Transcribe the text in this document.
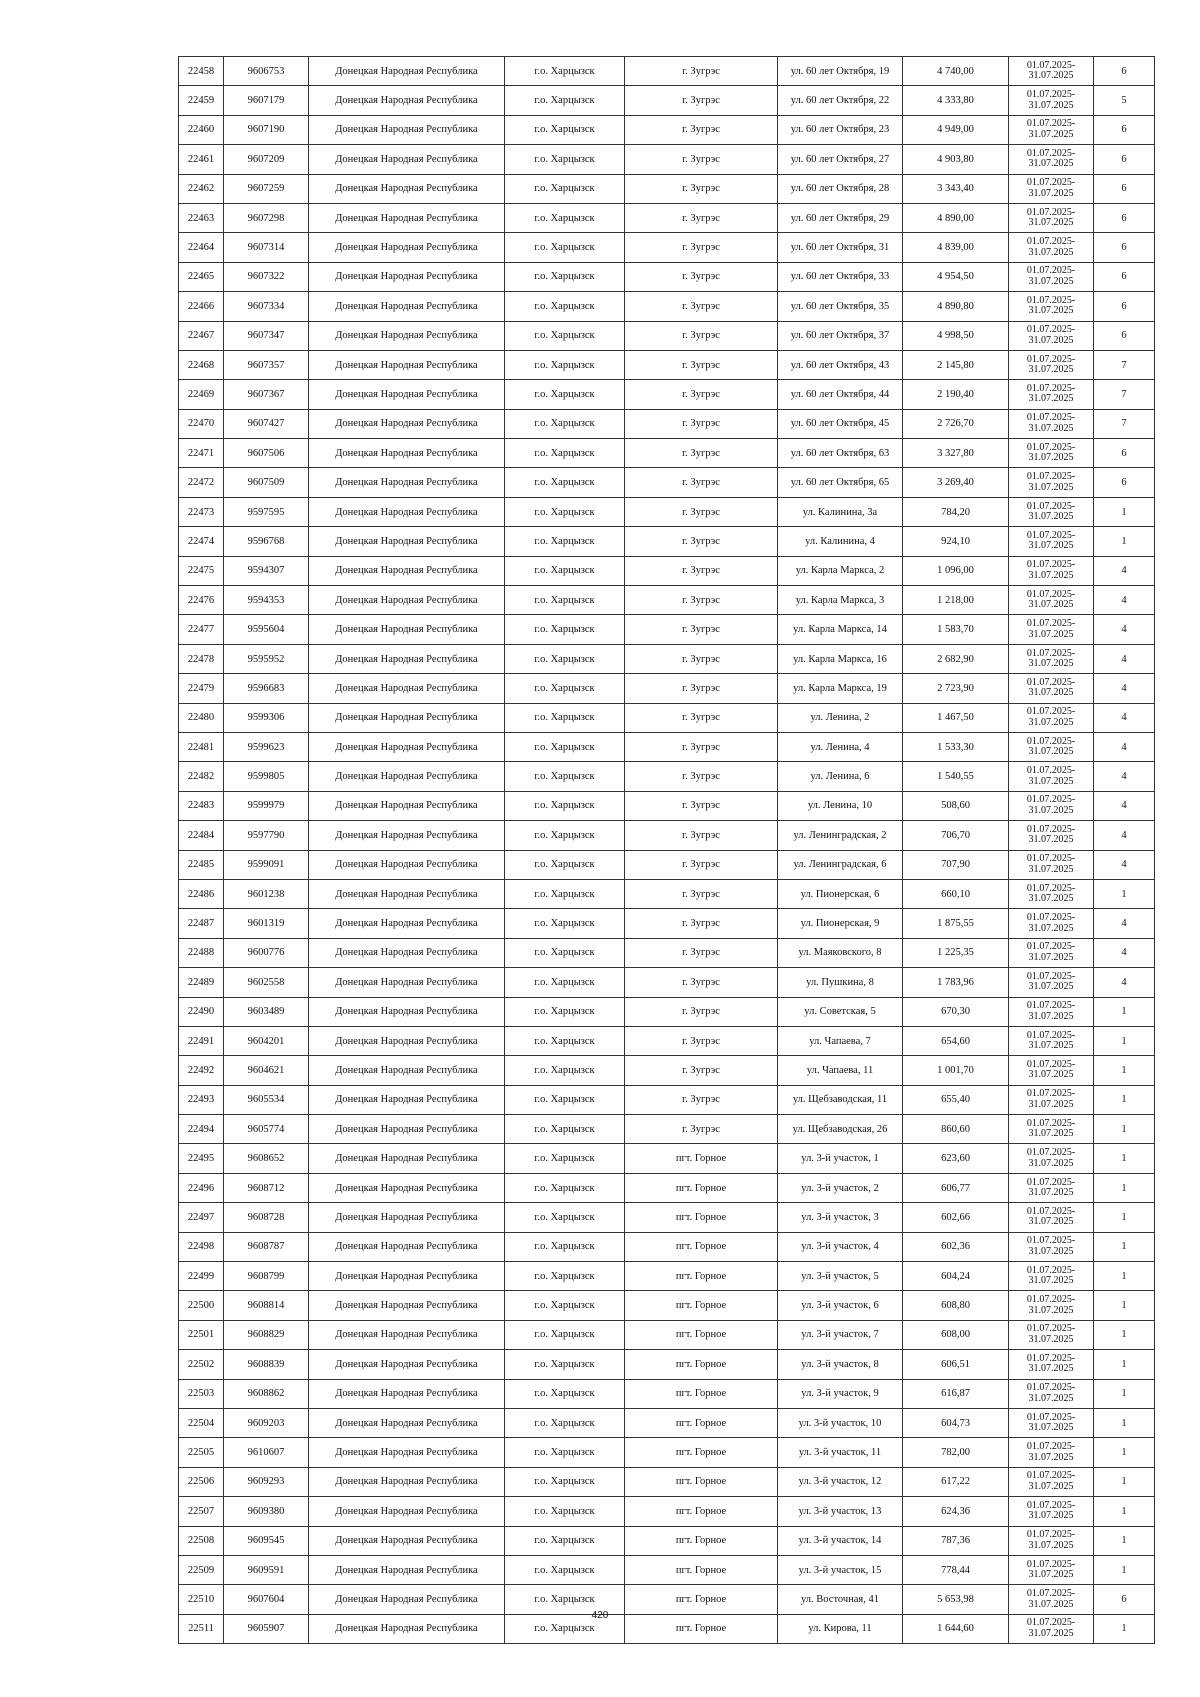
22458	9606753	Донецкая Народная Республика	г.о. Харцызск	г. Зугрэс	ул. 60 лет Октября, 19	4 740,00	01.07.2025- 31.07.2025	6
22459	9607179	Донецкая Народная Республика	г.о. Харцызск	г. Зугрэс	ул. 60 лет Октября, 22	4 333,80	01.07.2025- 31.07.2025	5
22460	9607190	Донецкая Народная Республика	г.о. Харцызск	г. Зугрэс	ул. 60 лет Октября, 23	4 949,00	01.07.2025- 31.07.2025	6
22461	9607209	Донецкая Народная Республика	г.о. Харцызск	г. Зугрэс	ул. 60 лет Октября, 27	4 903,80	01.07.2025- 31.07.2025	6
22462	9607259	Донецкая Народная Республика	г.о. Харцызск	г. Зугрэс	ул. 60 лет Октября, 28	3 343,40	01.07.2025- 31.07.2025	6
22463	9607298	Донецкая Народная Республика	г.о. Харцызск	г. Зугрэс	ул. 60 лет Октября, 29	4 890,00	01.07.2025- 31.07.2025	6
22464	9607314	Донецкая Народная Республика	г.о. Харцызск	г. Зугрэс	ул. 60 лет Октября, 31	4 839,00	01.07.2025- 31.07.2025	6
22465	9607322	Донецкая Народная Республика	г.о. Харцызск	г. Зугрэс	ул. 60 лет Октября, 33	4 954,50	01.07.2025- 31.07.2025	6
22466	9607334	Донецкая Народная Республика	г.о. Харцызск	г. Зугрэс	ул. 60 лет Октября, 35	4 890,80	01.07.2025- 31.07.2025	6
22467	9607347	Донецкая Народная Республика	г.о. Харцызск	г. Зугрэс	ул. 60 лет Октября, 37	4 998,50	01.07.2025- 31.07.2025	6
22468	9607357	Донецкая Народная Республика	г.о. Харцызск	г. Зугрэс	ул. 60 лет Октября, 43	2 145,80	01.07.2025- 31.07.2025	7
22469	9607367	Донецкая Народная Республика	г.о. Харцызск	г. Зугрэс	ул. 60 лет Октября, 44	2 190,40	01.07.2025- 31.07.2025	7
22470	9607427	Донецкая Народная Республика	г.о. Харцызск	г. Зугрэс	ул. 60 лет Октября, 45	2 726,70	01.07.2025- 31.07.2025	7
22471	9607506	Донецкая Народная Республика	г.о. Харцызск	г. Зугрэс	ул. 60 лет Октября, 63	3 327,80	01.07.2025- 31.07.2025	6
22472	9607509	Донецкая Народная Республика	г.о. Харцызск	г. Зугрэс	ул. 60 лет Октября, 65	3 269,40	01.07.2025- 31.07.2025	6
22473	9597595	Донецкая Народная Республика	г.о. Харцызск	г. Зугрэс	ул. Калинина, 3а	784,20	01.07.2025- 31.07.2025	1
22474	9596768	Донецкая Народная Республика	г.о. Харцызск	г. Зугрэс	ул. Калинина, 4	924,10	01.07.2025- 31.07.2025	1
22475	9594307	Донецкая Народная Республика	г.о. Харцызск	г. Зугрэс	ул. Карла Маркса, 2	1 096,00	01.07.2025- 31.07.2025	4
22476	9594353	Донецкая Народная Республика	г.о. Харцызск	г. Зугрэс	ул. Карла Маркса, 3	1 218,00	01.07.2025- 31.07.2025	4
22477	9595604	Донецкая Народная Республика	г.о. Харцызск	г. Зугрэс	ул. Карла Маркса, 14	1 583,70	01.07.2025- 31.07.2025	4
22478	9595952	Донецкая Народная Республика	г.о. Харцызск	г. Зугрэс	ул. Карла Маркса, 16	2 682,90	01.07.2025- 31.07.2025	4
22479	9596683	Донецкая Народная Республика	г.о. Харцызск	г. Зугрэс	ул. Карла Маркса, 19	2 723,90	01.07.2025- 31.07.2025	4
22480	9599306	Донецкая Народная Республика	г.о. Харцызск	г. Зугрэс	ул. Ленина, 2	1 467,50	01.07.2025- 31.07.2025	4
22481	9599623	Донецкая Народная Республика	г.о. Харцызск	г. Зугрэс	ул. Ленина, 4	1 533,30	01.07.2025- 31.07.2025	4
22482	9599805	Донецкая Народная Республика	г.о. Харцызск	г. Зугрэс	ул. Ленина, 6	1 540,55	01.07.2025- 31.07.2025	4
22483	9599979	Донецкая Народная Республика	г.о. Харцызск	г. Зугрэс	ул. Ленина, 10	508,60	01.07.2025- 31.07.2025	4
22484	9597790	Донецкая Народная Республика	г.о. Харцызск	г. Зугрэс	ул. Ленинградская, 2	706,70	01.07.2025- 31.07.2025	4
22485	9599091	Донецкая Народная Республика	г.о. Харцызск	г. Зугрэс	ул. Ленинградская, 6	707,90	01.07.2025- 31.07.2025	4
22486	9601238	Донецкая Народная Республика	г.о. Харцызск	г. Зугрэс	ул. Пионерская, 6	660,10	01.07.2025- 31.07.2025	1
22487	9601319	Донецкая Народная Республика	г.о. Харцызск	г. Зугрэс	ул. Пионерская, 9	1 875,55	01.07.2025- 31.07.2025	4
22488	9600776	Донецкая Народная Республика	г.о. Харцызск	г. Зугрэс	ул. Маяковского, 8	1 225,35	01.07.2025- 31.07.2025	4
22489	9602558	Донецкая Народная Республика	г.о. Харцызск	г. Зугрэс	ул. Пушкина, 8	1 783,96	01.07.2025- 31.07.2025	4
22490	9603489	Донецкая Народная Республика	г.о. Харцызск	г. Зугрэс	ул. Советская, 5	670,30	01.07.2025- 31.07.2025	1
22491	9604201	Донецкая Народная Республика	г.о. Харцызск	г. Зугрэс	ул. Чапаева, 7	654,60	01.07.2025- 31.07.2025	1
22492	9604621	Донецкая Народная Республика	г.о. Харцызск	г. Зугрэс	ул. Чапаева, 11	1 001,70	01.07.2025- 31.07.2025	1
22493	9605534	Донецкая Народная Республика	г.о. Харцызск	г. Зугрэс	ул. Щебзаводская, 11	655,40	01.07.2025- 31.07.2025	1
22494	9605774	Донецкая Народная Республика	г.о. Харцызск	г. Зугрэс	ул. Щебзаводская, 26	860,60	01.07.2025- 31.07.2025	1
22495	9608652	Донецкая Народная Республика	г.о. Харцызск	пгт. Горное	ул. 3-й участок, 1	623,60	01.07.2025- 31.07.2025	1
22496	9608712	Донецкая Народная Республика	г.о. Харцызск	пгт. Горное	ул. 3-й участок, 2	606,77	01.07.2025- 31.07.2025	1
22497	9608728	Донецкая Народная Республика	г.о. Харцызск	пгт. Горное	ул. 3-й участок, 3	602,66	01.07.2025- 31.07.2025	1
22498	9608787	Донецкая Народная Республика	г.о. Харцызск	пгт. Горное	ул. 3-й участок, 4	602,36	01.07.2025- 31.07.2025	1
22499	9608799	Донецкая Народная Республика	г.о. Харцызск	пгт. Горное	ул. 3-й участок, 5	604,24	01.07.2025- 31.07.2025	1
22500	9608814	Донецкая Народная Республика	г.о. Харцызск	пгт. Горное	ул. 3-й участок, 6	608,80	01.07.2025- 31.07.2025	1
22501	9608829	Донецкая Народная Республика	г.о. Харцызск	пгт. Горное	ул. 3-й участок, 7	608,00	01.07.2025- 31.07.2025	1
22502	9608839	Донецкая Народная Республика	г.о. Харцызск	пгт. Горное	ул. 3-й участок, 8	606,51	01.07.2025- 31.07.2025	1
22503	9608862	Донецкая Народная Республика	г.о. Харцызск	пгт. Горное	ул. 3-й участок, 9	616,87	01.07.2025- 31.07.2025	1
22504	9609203	Донецкая Народная Республика	г.о. Харцызск	пгт. Горное	ул. 3-й участок, 10	604,73	01.07.2025- 31.07.2025	1
22505	9610607	Донецкая Народная Республика	г.о. Харцызск	пгт. Горное	ул. 3-й участок, 11	782,00	01.07.2025- 31.07.2025	1
22506	9609293	Донецкая Народная Республика	г.о. Харцызск	пгт. Горное	ул. 3-й участок, 12	617,22	01.07.2025- 31.07.2025	1
22507	9609380	Донецкая Народная Республика	г.о. Харцызск	пгт. Горное	ул. 3-й участок, 13	624,36	01.07.2025- 31.07.2025	1
22508	9609545	Донецкая Народная Республика	г.о. Харцызск	пгт. Горное	ул. 3-й участок, 14	787,36	01.07.2025- 31.07.2025	1
22509	9609591	Донецкая Народная Республика	г.о. Харцызск	пгт. Горное	ул. 3-й участок, 15	778,44	01.07.2025- 31.07.2025	1
22510	9607604	Донецкая Народная Республика	г.о. Харцызск	пгт. Горное	ул. Восточная, 41	5 653,98	01.07.2025- 31.07.2025	6
22511	9605907	Донецкая Народная Республика	г.о. Харцызск	пгт. Горное	ул. Кирова, 11	1 644,60	01.07.2025- 31.07.2025	1
420
